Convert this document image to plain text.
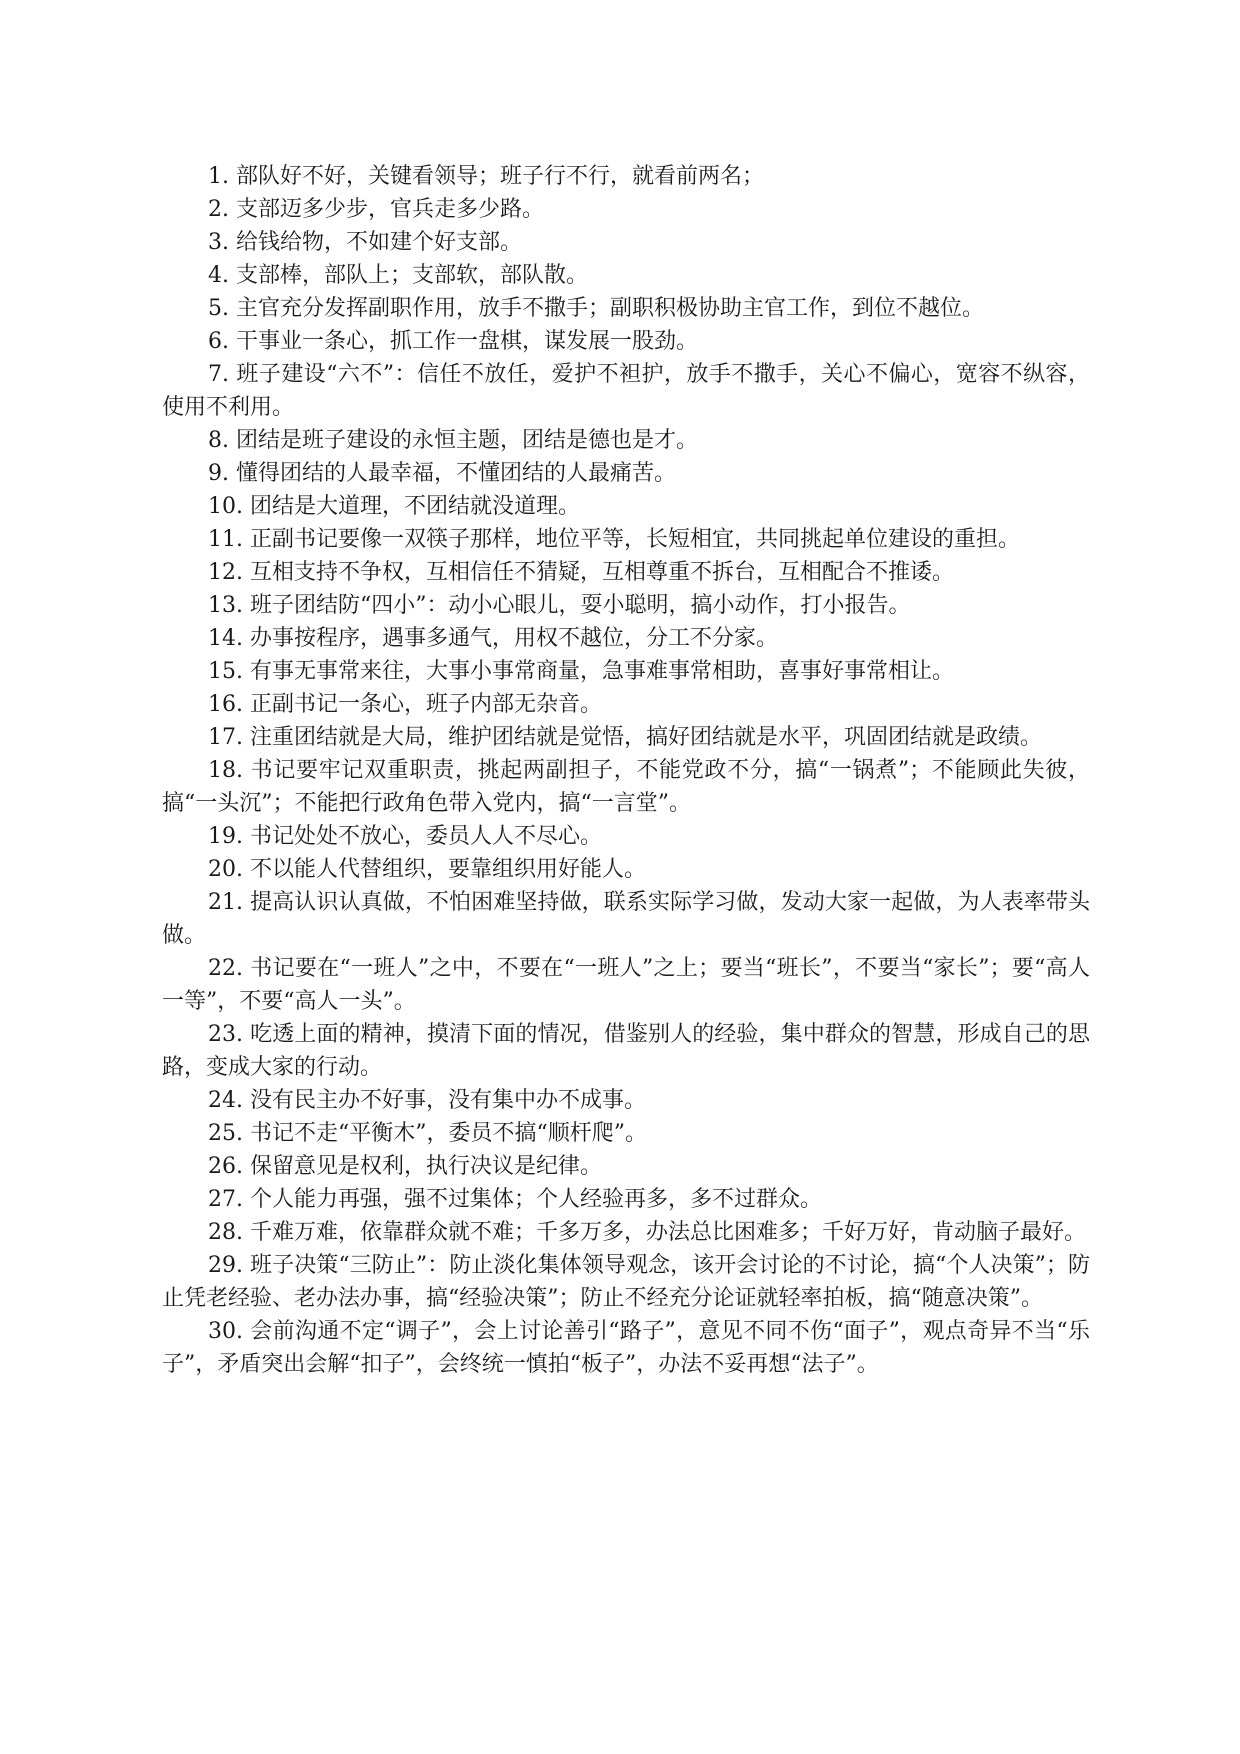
1. 部队好不好，关键看领导；班子行不行，就看前两名；

2. 支部迈多少步，官兵走多少路。

3. 给钱给物，不如建个好支部。

4. 支部棒，部队上；支部软，部队散。

5. 主官充分发挥副职作用，放手不撒手；副职积极协助主官工作，到位不越位。

6. 干事业一条心，抓工作一盘棋，谋发展一股劲。

7. 班子建设“六不”：信任不放任，爱护不袒护，放手不撒手，关心不偏心，宽容不纵容，使用不利用。

8. 团结是班子建设的永恒主题，团结是德也是才。

9. 懂得团结的人最幸福，不懂团结的人最痛苦。

10. 团结是大道理，不团结就没道理。

11. 正副书记要像一双筷子那样，地位平等，长短相宜，共同挑起单位建设的重担。

12. 互相支持不争权，互相信任不猜疑，互相尊重不拆台，互相配合不推诿。

13. 班子团结防“四小”：动小心眼儿，耍小聪明，搞小动作，打小报告。

14. 办事按程序，遇事多通气，用权不越位，分工不分家。

15. 有事无事常来往，大事小事常商量，急事难事常相助，喜事好事常相让。

16. 正副书记一条心，班子内部无杂音。

17. 注重团结就是大局，维护团结就是觉悟，搞好团结就是水平，巩固团结就是政绩。

18. 书记要牢记双重职责，挑起两副担子，不能党政不分，搞“一锅煮”；不能顾此失彼，搞“一头沉”；不能把行政角色带入党内，搞“一言堂”。

19. 书记处处不放心，委员人人不尽心。

20. 不以能人代替组织，要靠组织用好能人。

21. 提高认识认真做，不怕困难坚持做，联系实际学习做，发动大家一起做，为人表率带头做。

22. 书记要在“一班人”之中，不要在“一班人”之上；要当“班长”，不要当“家长”；要“高人一等”，不要“高人一头”。

23. 吃透上面的精神，摸清下面的情况，借鉴别人的经验，集中群众的智慧，形成自己的思路，变成大家的行动。

24. 没有民主办不好事，没有集中办不成事。

25. 书记不走“平衡木”，委员不搞“顺杆爬”。

26. 保留意见是权利，执行决议是纪律。

27. 个人能力再强，强不过集体；个人经验再多，多不过群众。

28. 千难万难，依靠群众就不难；千多万多，办法总比困难多；千好万好，肯动脑子最好。

29. 班子决策“三防止”：防止淡化集体领导观念，该开会讨论的不讨论，搞“个人决策”；防止凭老经验、老办法办事，搞“经验决策”；防止不经充分论证就轻率拍板，搞“随意决策”。

30. 会前沟通不定“调子”，会上讨论善引“路子”，意见不同不伤“面子”，观点奇异不当“乐子”，矛盾突出会解“扣子”，会终统一慎拍“板子”，办法不妥再想“法子”。
